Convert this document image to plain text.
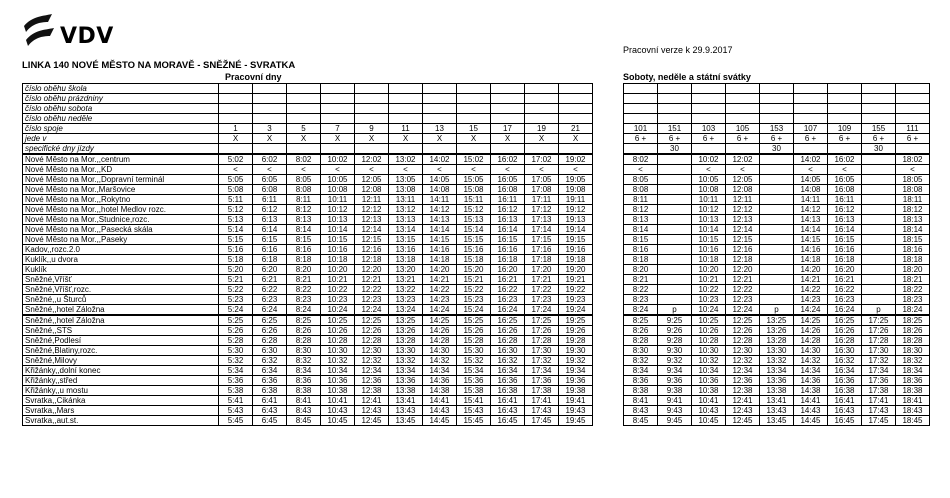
VDV
Pracovní verze k 29.9.2017
LINKA 140 NOVÉ MĚSTO NA MORAVĚ - SNĚŽNÉ - SVRATKA
Pracovní dny	Soboty, neděle a státní svátky
číslo oběhu škola											
číslo oběhu prázdniny											
číslo oběhu sobota											
číslo oběhu neděle											
číslo spoje	1	3	5	7	9	11	13	15	17	19	21
jede v	X	X	X	X	X	X	X	X	X	X	X
specifické dny jízdy											
Nové Město na Mor.,,centrum	5:02	6:02	8:02	10:02	12:02	13:02	14:02	15:02	16:02	17:02	19:02
Nové Město na Mor.,,KD	<	<	<	<	<	<	<	<	<	<	<
Nové Město na Mor.,,Dopravní terminál	5:05	6:05	8:05	10:05	12:05	13:05	14:05	15:05	16:05	17:05	19:05
Nové Město na Mor.,Maršovice	5:08	6:08	8:08	10:08	12:08	13:08	14:08	15:08	16:08	17:08	19:08
Nové Město na Mor.,,Rokytno	5:11	6:11	8:11	10:11	12:11	13:11	14:11	15:11	16:11	17:11	19:11
Nové Město na Mor.,,hotel Medlov rozc.	5:12	6:12	8:12	10:12	12:12	13:12	14:12	15:12	16:12	17:12	19:12
Nové Město na Mor.,Studnice,rozc.	5:13	6:13	8:13	10:13	12:13	13:13	14:13	15:13	16:13	17:13	19:13
Nové Město na Mor.,,Pasecká skála	5:14	6:14	8:14	10:14	12:14	13:14	14:14	15:14	16:14	17:14	19:14
Nové Město na Mor.,,Paseky	5:15	6:15	8:15	10:15	12:15	13:15	14:15	15:15	16:15	17:15	19:15
Kadov,,rozc.2.0	5:16	6:16	8:16	10:16	12:16	13:16	14:16	15:16	16:16	17:16	19:16
Kuklík,,u dvora	5:18	6:18	8:18	10:18	12:18	13:18	14:18	15:18	16:18	17:18	19:18
Kuklík	5:20	6:20	8:20	10:20	12:20	13:20	14:20	15:20	16:20	17:20	19:20
Sněžné,Vříšť	5:21	6:21	8:21	10:21	12:21	13:21	14:21	15:21	16:21	17:21	19:21
Sněžné,Vříšť,rozc.	5:22	6:22	8:22	10:22	12:22	13:22	14:22	15:22	16:22	17:22	19:22
Sněžné,,u Šturců	5:23	6:23	8:23	10:23	12:23	13:23	14:23	15:23	16:23	17:23	19:23
Sněžné,,hotel Záložna	5:24	6:24	8:24	10:24	12:24	13:24	14:24	15:24	16:24	17:24	19:24
Sněžné,,hotel Záložna	5:25	6:25	8:25	10:25	12:25	13:25	14:25	15:25	16:25	17:25	19:25
Sněžné,,STS	5:26	6:26	8:26	10:26	12:26	13:26	14:26	15:26	16:26	17:26	19:26
Sněžné,Podlesí	5:28	6:28	8:28	10:28	12:28	13:28	14:28	15:28	16:28	17:28	19:28
Sněžné,Blatiny,rozc.	5:30	6:30	8:30	10:30	12:30	13:30	14:30	15:30	16:30	17:30	19:30
Sněžné,Milovy	5:32	6:32	8:32	10:32	12:32	13:32	14:32	15:32	16:32	17:32	19:32
Křižánky,,dolní konec	5:34	6:34	8:34	10:34	12:34	13:34	14:34	15:34	16:34	17:34	19:34
Křižánky,,střed	5:36	6:36	8:36	10:36	12:36	13:36	14:36	15:36	16:36	17:36	19:36
Křižánky,,u mostu	5:38	6:38	8:38	10:38	12:38	13:38	14:38	15:38	16:38	17:38	19:38
Svratka,,Cikánka	5:41	6:41	8:41	10:41	12:41	13:41	14:41	15:41	16:41	17:41	19:41
Svratka,,Mars	5:43	6:43	8:43	10:43	12:43	13:43	14:43	15:43	16:43	17:43	19:43
Svratka,,aut.st.	5:45	6:45	8:45	10:45	12:45	13:45	14:45	15:45	16:45	17:45	19:45

101	151	103	105	153	107	109	155	111
6 +	6 +	6 +	6 +	6 +	6 +	6 +	6 +	6 +
	30			30			30	
8:02		10:02	12:02		14:02	16:02		18:02
<		<	<		<	<		<
8:05		10:05	12:05		14:05	16:05		18:05
8:08		10:08	12:08		14:08	16:08		18:08
8:11		10:11	12:11		14:11	16:11		18:11
8:12		10:12	12:12		14:12	16:12		18:12
8:13		10:13	12:13		14:13	16:13		18:13
8:14		10:14	12:14		14:14	16:14		18:14
8:15		10:15	12:15		14:15	16:15		18:15
8:16		10:16	12:16		14:16	16:16		18:16
8:18		10:18	12:18		14:18	16:18		18:18
8:20		10:20	12:20		14:20	16:20		18:20
8:21		10:21	12:21		14:21	16:21		18:21
8:22		10:22	12:22		14:22	16:22		18:22
8:23		10:23	12:23		14:23	16:23		18:23
8:24	p	10:24	12:24	p	14:24	16:24	p	18:24
8:25	9:25	10:25	12:25	13:25	14:25	16:25	17:25	18:25
8:26	9:26	10:26	12:26	13:26	14:26	16:26	17:26	18:26
8:28	9:28	10:28	12:28	13:28	14:28	16:28	17:28	18:28
8:30	9:30	10:30	12:30	13:30	14:30	16:30	17:30	18:30
8:32	9:32	10:32	12:32	13:32	14:32	16:32	17:32	18:32
8:34	9:34	10:34	12:34	13:34	14:34	16:34	17:34	18:34
8:36	9:36	10:36	12:36	13:36	14:36	16:36	17:36	18:36
8:38	9:38	10:38	12:38	13:38	14:38	16:38	17:38	18:38
8:41	9:41	10:41	12:41	13:41	14:41	16:41	17:41	18:41
8:43	9:43	10:43	12:43	13:43	14:43	16:43	17:43	18:43
8:45	9:45	10:45	12:45	13:45	14:45	16:45	17:45	18:45
